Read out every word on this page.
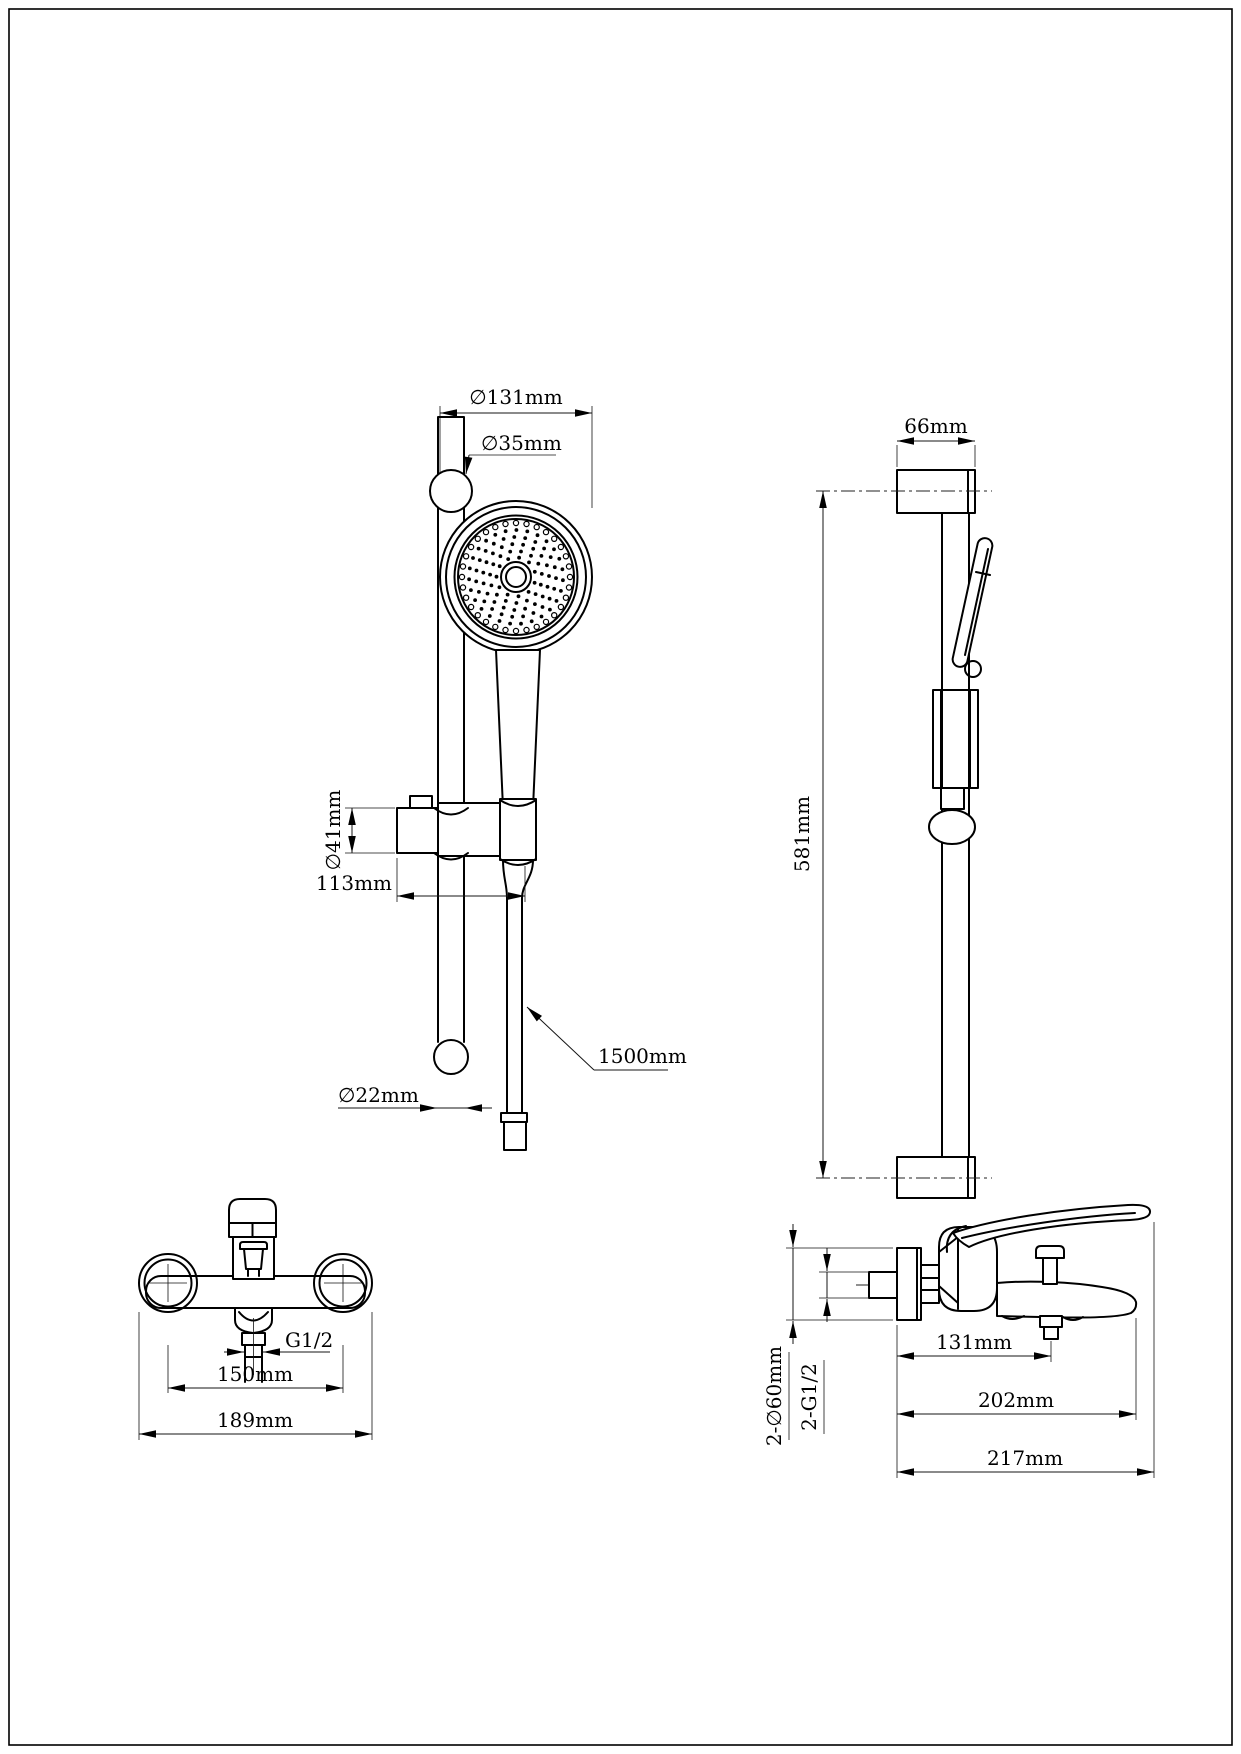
∅131mm
∅35mm
∅41mm
113mm
∅22mm
1500mm
66mm
581mm
G1/2
150mm
189mm
131mm
202mm
217mm
2-∅60mm 2-G1/2
